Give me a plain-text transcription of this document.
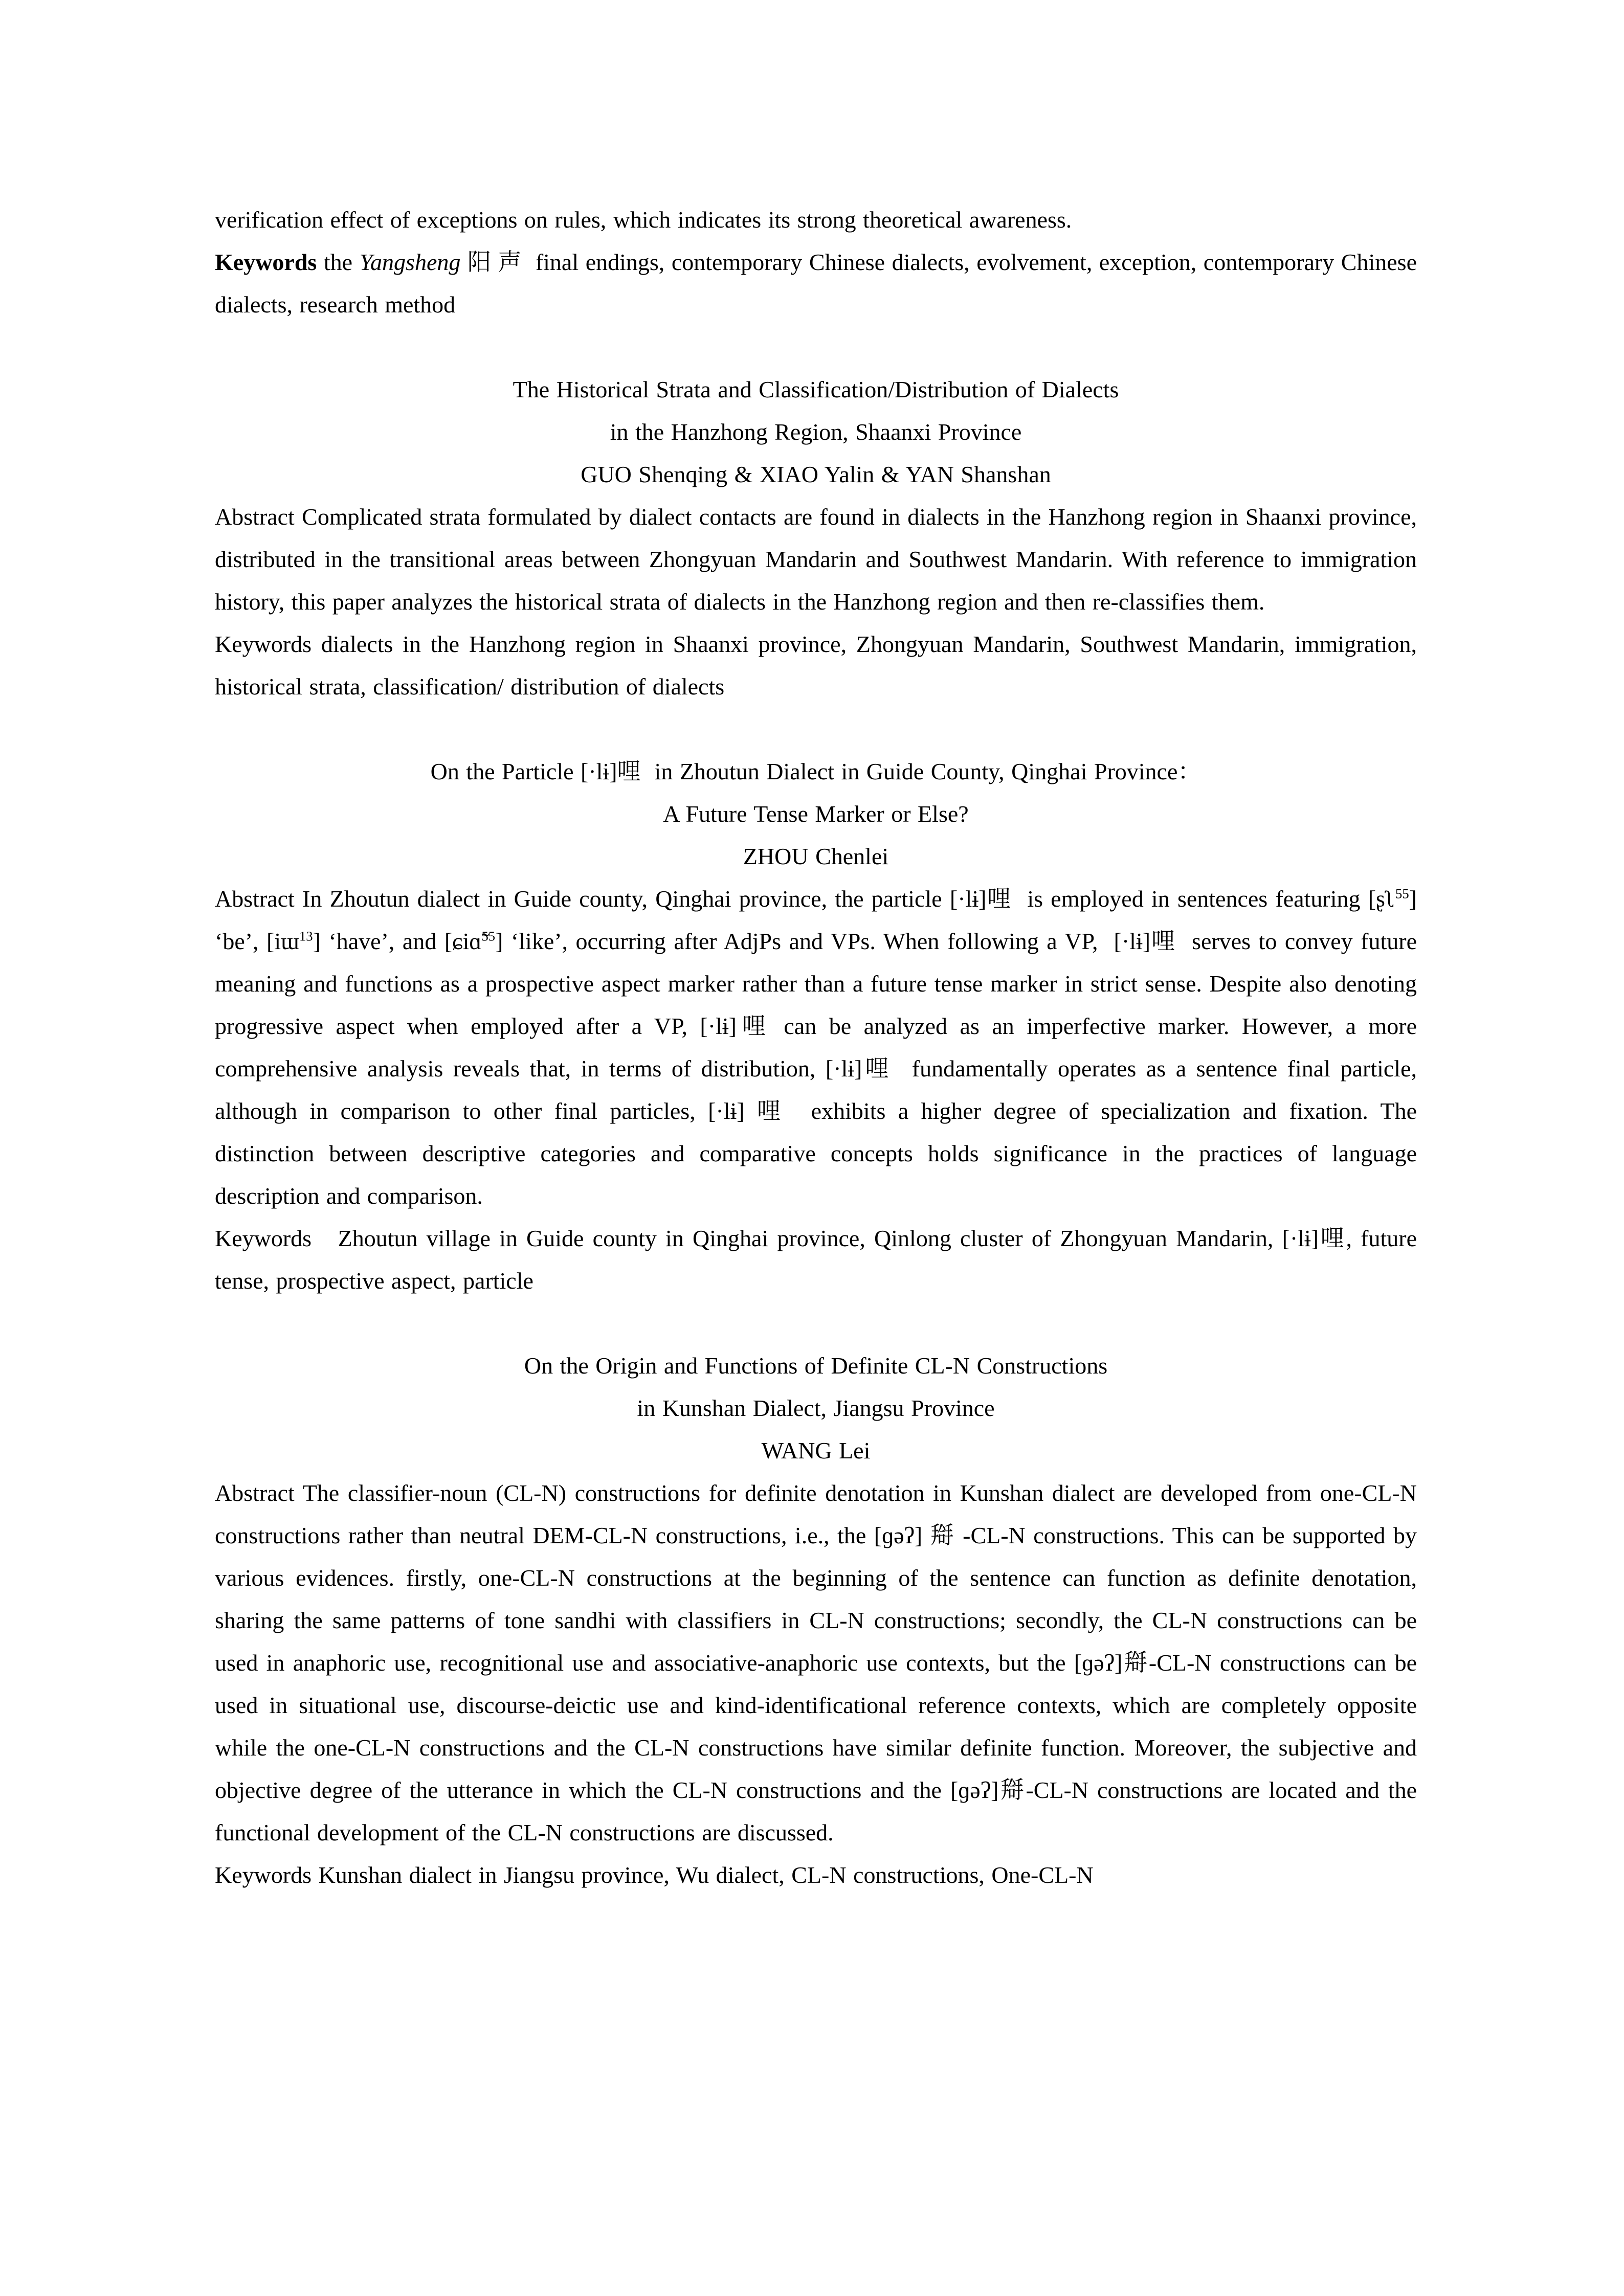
verification effect of exceptions on rules, which indicates its strong theoretical awareness.

Keywords the Yangsheng 阳 声  final endings, contemporary Chinese dialects, evolvement, exception, contemporary Chinese dialects, research method

The Historical Strata and Classification/Distribution of Dialects

in the Hanzhong Region, Shaanxi Province

GUO Shenqing & XIAO Yalin & YAN Shanshan

Abstract Complicated strata formulated by dialect contacts are found in dialects in the Hanzhong region in Shaanxi province, distributed in the transitional areas between Zhongyuan Mandarin and Southwest Mandarin. With reference to immigration history, this paper analyzes the historical strata of dialects in the Hanzhong region and then re-classifies them.

Keywords dialects in the Hanzhong region in Shaanxi province, Zhongyuan Mandarin, Southwest Mandarin, immigration, historical strata, classification/ distribution of dialects

On the Particle [·lɨ]哩  in Zhoutun Dialect in Guide County, Qinghai Province：

A Future Tense Marker or Else?

ZHOU Chenlei

Abstract In Zhoutun dialect in Guide county, Qinghai province, the particle [·lɨ]哩  is employed in sentences featuring [ʂʅ$^{55}$] ‘be’, [iɯ$^{13}$] ‘have’, and [ɕiɑ̃$^{55}$] ‘like’, occurring after AdjPs and VPs. When following a VP,  [·lɨ]哩  serves to convey future meaning and functions as a prospective aspect marker rather than a future tense marker in strict sense. Despite also denoting progressive aspect when employed after a VP, [·lɨ]哩 can be analyzed as an imperfective marker. However, a more comprehensive analysis reveals that, in terms of distribution, [·lɨ]哩  fundamentally operates as a sentence final particle, although in comparison to other final particles, [·lɨ] 哩  exhibits a higher degree of specialization and fixation. The distinction between descriptive categories and comparative concepts holds significance in the practices of language description and comparison.

Keywords   Zhoutun village in Guide county in Qinghai province, Qinlong cluster of Zhongyuan Mandarin, [·lɨ]哩, future tense, prospective aspect, particle

On the Origin and Functions of Definite CL-N Constructions

in Kunshan Dialect, Jiangsu Province

WANG Lei

Abstract The classifier-noun (CL-N) constructions for definite denotation in Kunshan dialect are developed from one-CL-N constructions rather than neutral DEM-CL-N constructions, i.e., the [ɡəʔ] 搿 -CL-N constructions. This can be supported by various evidences. firstly, one-CL-N constructions at the beginning of the sentence can function as definite denotation, sharing the same patterns of tone sandhi with classifiers in CL-N constructions; secondly, the CL-N constructions can be used in anaphoric use, recognitional use and associative-anaphoric use contexts, but the [ɡəʔ]搿-CL-N constructions can be used in situational use, discourse-deictic use and kind-identificational reference contexts, which are completely opposite while the one-CL-N constructions and the CL-N constructions have similar definite function. Moreover, the subjective and objective degree of the utterance in which the CL-N constructions and the [ɡəʔ]搿-CL-N constructions are located and the functional development of the CL-N constructions are discussed.

Keywords Kunshan dialect in Jiangsu province, Wu dialect, CL-N constructions, One-CL-N
